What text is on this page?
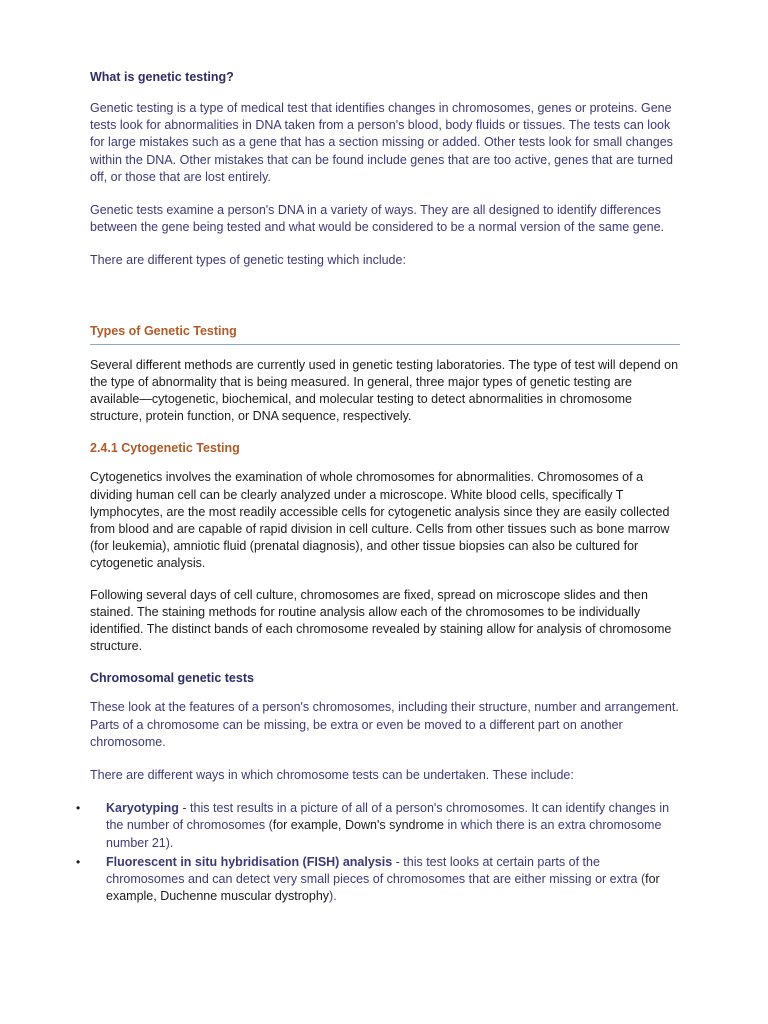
What is genetic testing?

Genetic testing is a type of medical test that identifies changes in chromosomes, genes or proteins. Gene tests look for abnormalities in DNA taken from a person's blood, body fluids or tissues. The tests can look for large mistakes such as a gene that has a section missing or added. Other tests look for small changes within the DNA. Other mistakes that can be found include genes that are too active, genes that are turned off, or those that are lost entirely.

Genetic tests examine a person's DNA in a variety of ways. They are all designed to identify differences between the gene being tested and what would be considered to be a normal version of the same gene.

There are different types of genetic testing which include:

Types of Genetic Testing

Several different methods are currently used in genetic testing laboratories. The type of test will depend on the type of abnormality that is being measured. In general, three major types of genetic testing are available—cytogenetic, biochemical, and molecular testing to detect abnormalities in chromosome structure, protein function, or DNA sequence, respectively.

2.4.1 Cytogenetic Testing

Cytogenetics involves the examination of whole chromosomes for abnormalities. Chromosomes of a dividing human cell can be clearly analyzed under a microscope. White blood cells, specifically T lymphocytes, are the most readily accessible cells for cytogenetic analysis since they are easily collected from blood and are capable of rapid division in cell culture. Cells from other tissues such as bone marrow (for leukemia), amniotic fluid (prenatal diagnosis), and other tissue biopsies can also be cultured for cytogenetic analysis.

Following several days of cell culture, chromosomes are fixed, spread on microscope slides and then stained. The staining methods for routine analysis allow each of the chromosomes to be individually identified. The distinct bands of each chromosome revealed by staining allow for analysis of chromosome structure.

Chromosomal genetic tests

These look at the features of a person's chromosomes, including their structure, number and arrangement. Parts of a chromosome can be missing, be extra or even be moved to a different part on another chromosome.

There are different ways in which chromosome tests can be undertaken. These include:

• Karyotyping - this test results in a picture of all of a person's chromosomes. It can identify changes in the number of chromosomes (for example, Down's syndrome in which there is an extra chromosome number 21).
• Fluorescent in situ hybridisation (FISH) analysis - this test looks at certain parts of the chromosomes and can detect very small pieces of chromosomes that are either missing or extra (for example, Duchenne muscular dystrophy).
